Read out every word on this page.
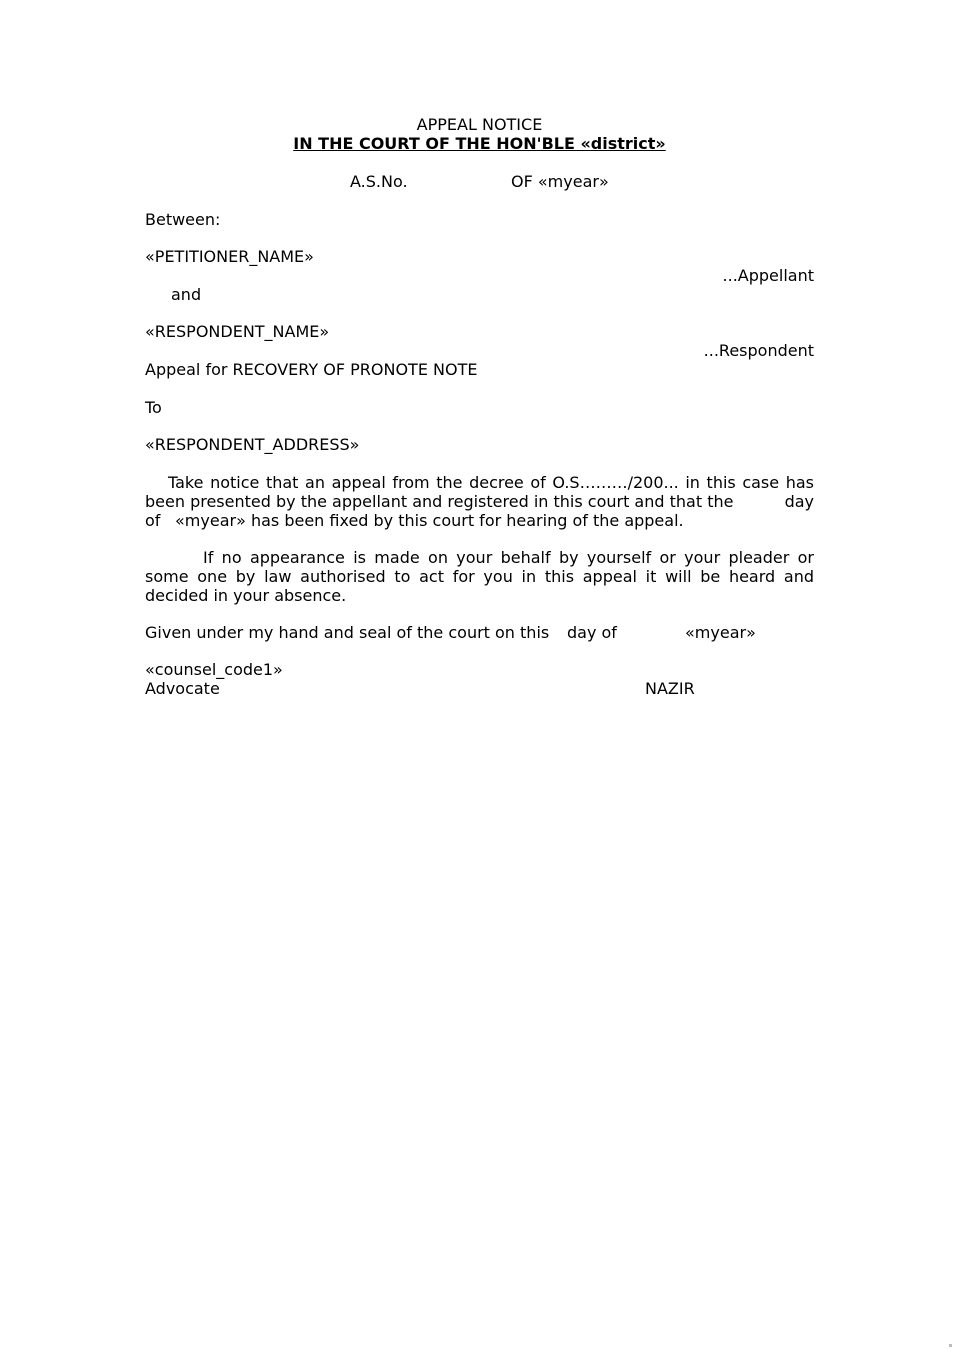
APPEAL NOTICE
IN THE COURT OF THE HON'BLE «district»
A.S.No.	OF «myear»
Between:
«PETITIONER_NAME»
...Appellant
and
«RESPONDENT_NAME»
...Respondent
Appeal for RECOVERY OF PRONOTE NOTE
To
«RESPONDENT_ADDRESS»
Take notice that an appeal from the decree of O.S………/200... in this case has
been presented by the appellant and registered in this court and that the	day
of «myear» has been fixed by this court for hearing of the appeal.
If no appearance is made on your behalf by yourself or your pleader or some one by law authorised to act for you in this appeal it will be heard and decided in your absence.
Given under my hand and seal of the court on this day of	«myear»
«counsel_code1»
Advocate	NAZIR
